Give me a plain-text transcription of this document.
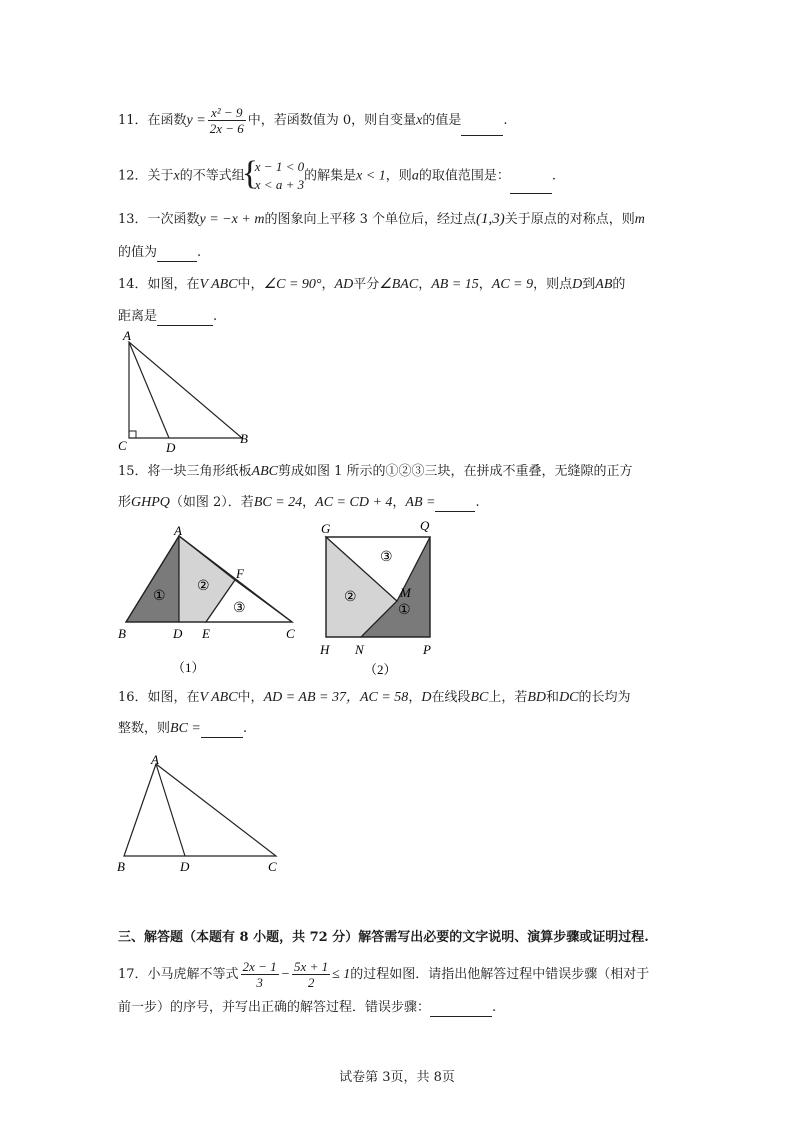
11．在函数$y = \frac{\text{x² − 9}}{2x - 6}$ 中，若函数值为 0，则自变量x的值是	.
12．关于x的不等式组
{ x − 1 < 0
x < a + 3
的解集是x < 1，则a的取值范围是：	.
13．一次函数y = −x + m的图象向上平移 3 个单位后，经过点(1,3)关于原点的对称点，则m
的值为	.
14．如图，在V ABC中，∠C = 90°，AD平分∠BAC，AB = 15，AC = 9，则点D到AB的
距离是	.
A
C	D
B
15．将一块三角形纸板ABC剪成如图 1 所示的①②③三块，在拼成不重叠，无缝隙的正方
形GHPQ（如图 2）．若BC = 24，AC = CD + 4，AB =	.
A
B	D E	C
F
①
②
③
（1）
G	Q
H N	P
M
①
②
③
（2）
16．如图，在V ABC中，AD = AB = 37，AC = 58，D在线段BC上，若BD和DC的长均为
整数，则BC =	.
A
B	D	C
三、解答题（本题有 8 小题，共 72 分）解答需写出必要的文字说明、演算步骤或证明过程.
17．小马虎解不等式 $\frac{2x - 1}{3} - \frac{5x + 1}{2} \le 1$的过程如图．请指出他解答过程中错误步骤（相对于
前一步）的序号，并写出正确的解答过程．错误步骤：	.
试卷第 3页，共 8页
